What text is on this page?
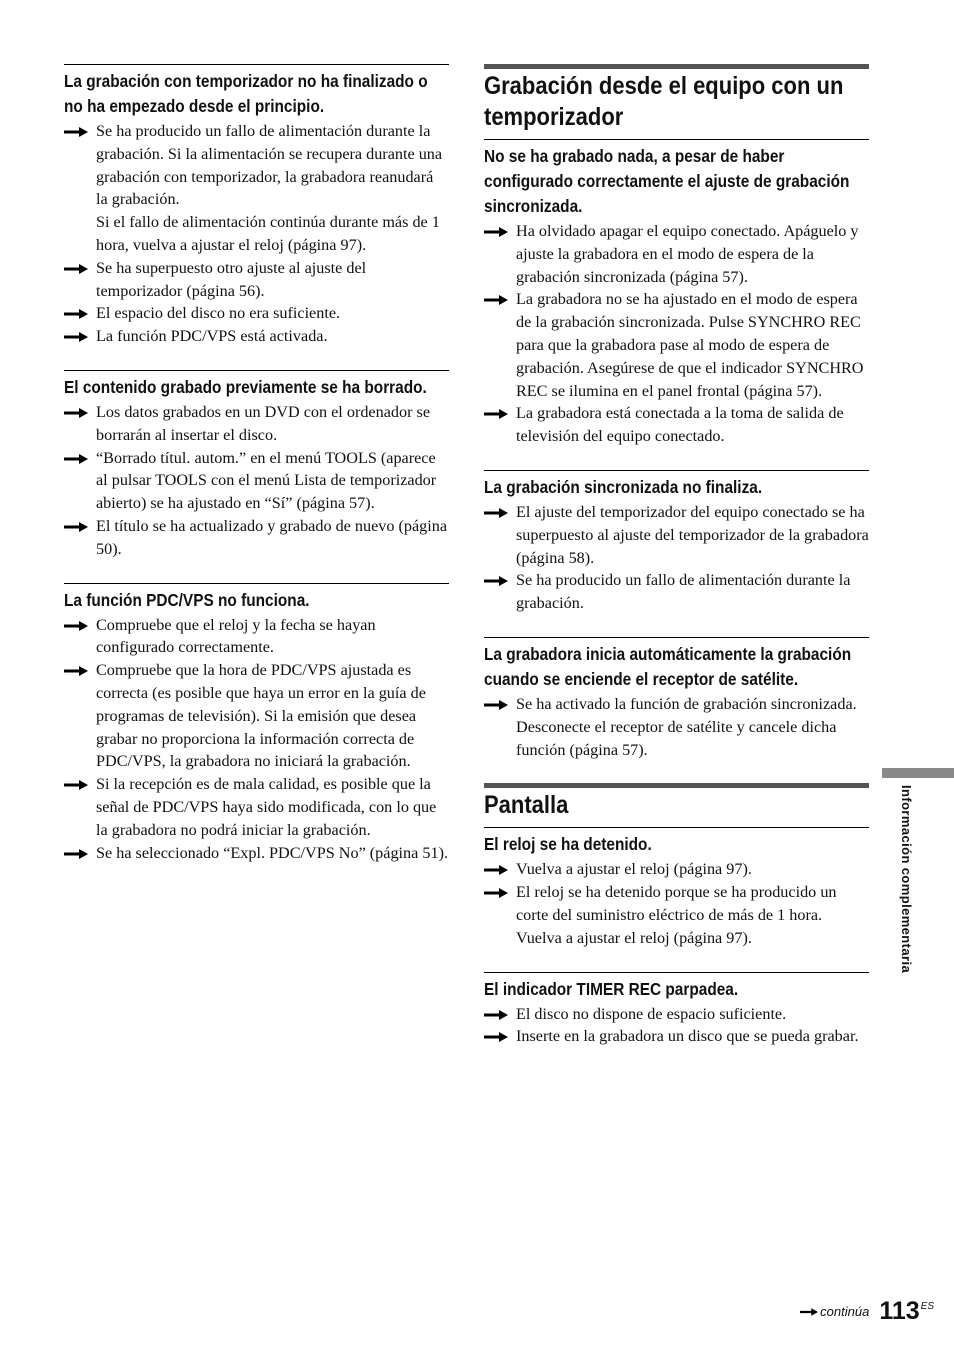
La grabación con temporizador no ha finalizado o no ha empezado desde el principio.

Se ha producido un fallo de alimentación durante la grabación. Si la alimentación se recupera durante una grabación con temporizador, la grabadora reanudará la grabación.

Si el fallo de alimentación continúa durante más de 1 hora, vuelva a ajustar el reloj (página 97).

Se ha superpuesto otro ajuste al ajuste del temporizador (página 56).

El espacio del disco no era suficiente.

La función PDC/VPS está activada.

El contenido grabado previamente se ha borrado.

Los datos grabados en un DVD con el ordenador se borrarán al insertar el disco.

“Borrado títul. autom.” en el menú TOOLS (aparece al pulsar TOOLS con el menú Lista de temporizador abierto) se ha ajustado en “Sí” (página 57).

El título se ha actualizado y grabado de nuevo (página 50).

La función PDC/VPS no funciona.

Compruebe que el reloj y la fecha se hayan configurado correctamente.

Compruebe que la hora de PDC/VPS ajustada es correcta (es posible que haya un error en la guía de programas de televisión). Si la emisión que desea grabar no proporciona la información correcta de PDC/VPS, la grabadora no iniciará la grabación.

Si la recepción es de mala calidad, es posible que la señal de PDC/VPS haya sido modificada, con lo que la grabadora no podrá iniciar la grabación.

Se ha seleccionado “Expl. PDC/VPS No” (página 51).

Grabación desde el equipo con un temporizador
No se ha grabado nada, a pesar de haber configurado correctamente el ajuste de grabación sincronizada.

Ha olvidado apagar el equipo conectado. Apáguelo y ajuste la grabadora en el modo de espera de la grabación sincronizada (página 57).

La grabadora no se ha ajustado en el modo de espera de la grabación sincronizada. Pulse SYNCHRO REC para que la grabadora pase al modo de espera de grabación. Asegúrese de que el indicador SYNCHRO REC se ilumina en el panel frontal (página 57).

La grabadora está conectada a la toma de salida de televisión del equipo conectado.

La grabación sincronizada no finaliza.

El ajuste del temporizador del equipo conectado se ha superpuesto al ajuste del temporizador de la grabadora (página 58).

Se ha producido un fallo de alimentación durante la grabación.

La grabadora inicia automáticamente la grabación cuando se enciende el receptor de satélite.

Se ha activado la función de grabación sincronizada. Desconecte el receptor de satélite y cancele dicha función (página 57).

Pantalla
El reloj se ha detenido.

Vuelva a ajustar el reloj (página 97).

El reloj se ha detenido porque se ha producido un corte del suministro eléctrico de más de 1 hora. Vuelva a ajustar el reloj (página 97).

El indicador TIMER REC parpadea.

El disco no dispone de espacio suficiente.

Inserte en la grabadora un disco que se pueda grabar.

Información complementaria
continúa 113 ES
